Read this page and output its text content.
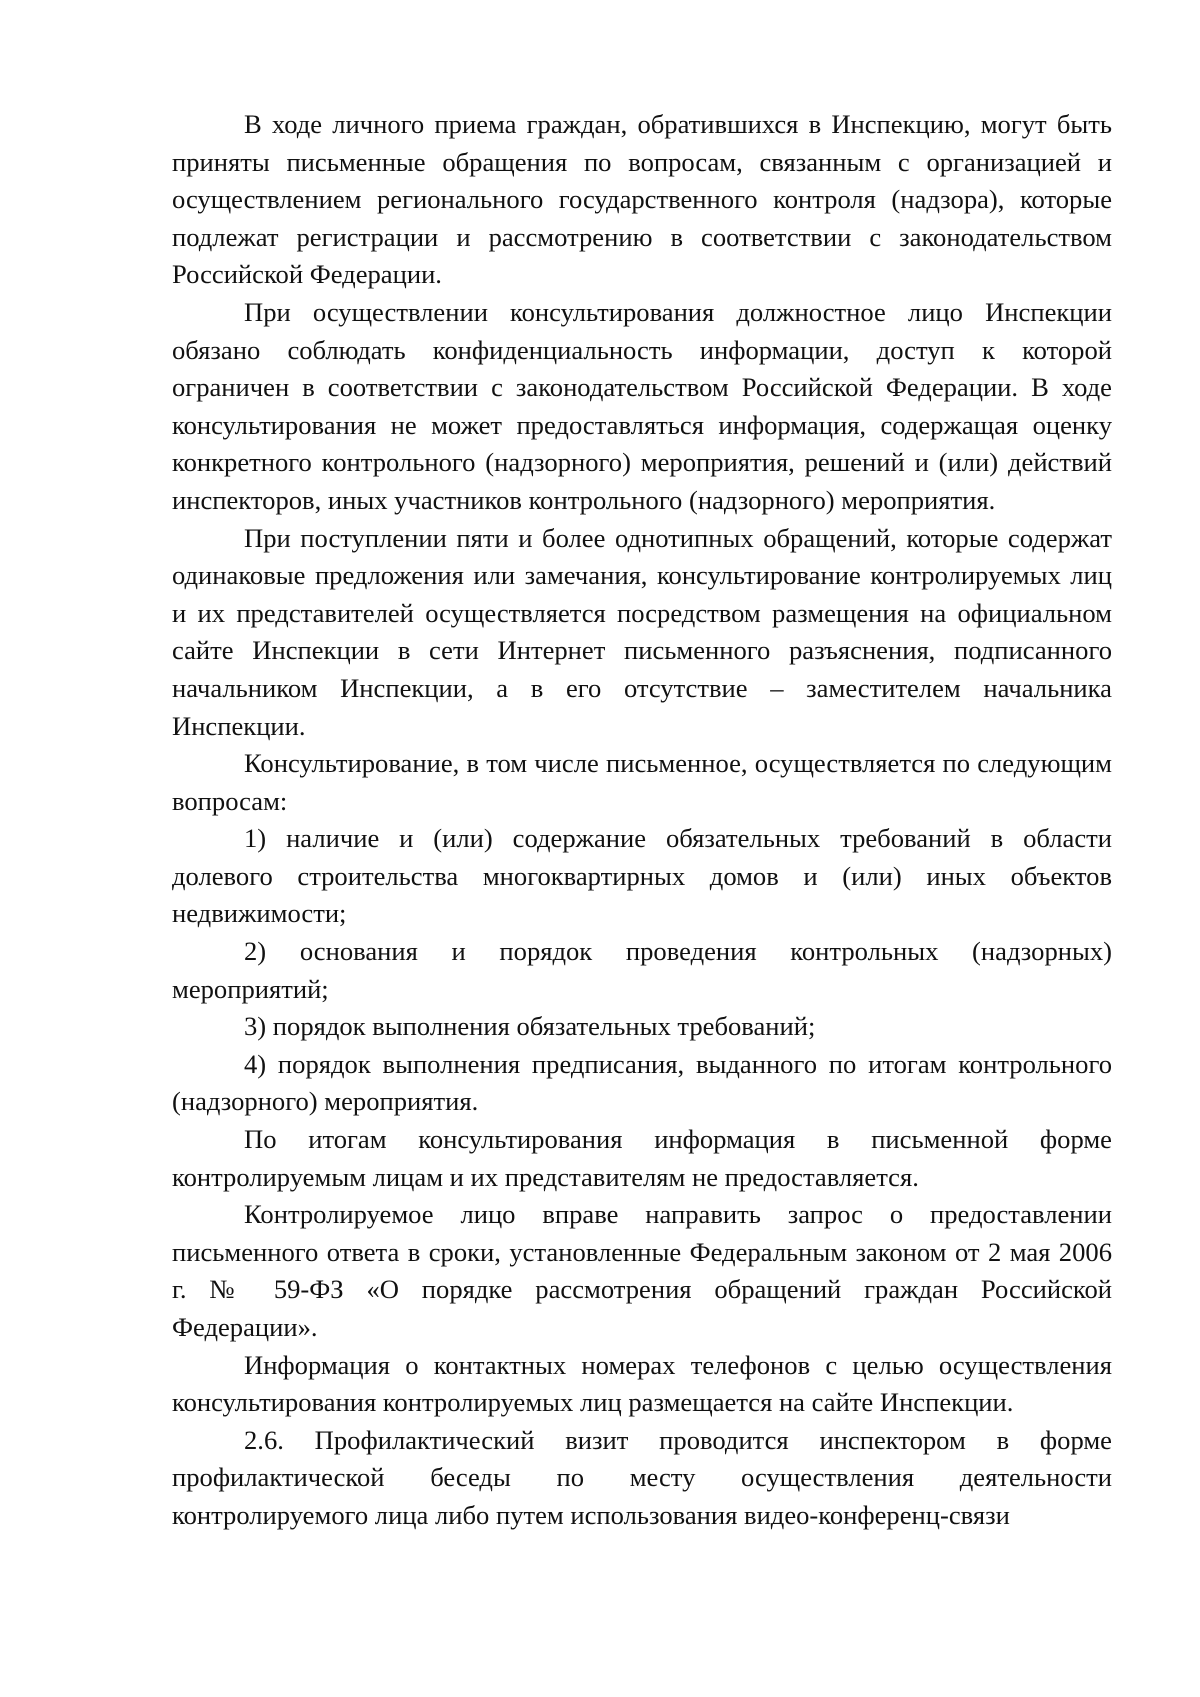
В ходе личного приема граждан, обратившихся в Инспекцию, могут быть приняты письменные обращения по вопросам, связанным с организацией и осуществлением регионального государственного контроля (надзора), которые подлежат регистрации и рассмотрению в соответствии с законодательством Российской Федерации.

При осуществлении консультирования должностное лицо Инспекции обязано соблюдать конфиденциальность информации, доступ к которой ограничен в соответствии с законодательством Российской Федерации. В ходе консультирования не может предоставляться информация, содержащая оценку конкретного контрольного (надзорного) мероприятия, решений и (или) действий инспекторов, иных участников контрольного (надзорного) мероприятия.

При поступлении пяти и более однотипных обращений, которые содержат одинаковые предложения или замечания, консультирование контролируемых лиц и их представителей осуществляется посредством размещения на официальном сайте Инспекции в сети Интернет письменного разъяснения, подписанного начальником Инспекции, а в его отсутствие – заместителем начальника Инспекции.

Консультирование, в том числе письменное, осуществляется по следующим вопросам:

1) наличие и (или) содержание обязательных требований в области долевого строительства многоквартирных домов и (или) иных объектов недвижимости;

2) основания и порядок проведения контрольных (надзорных) мероприятий;

3) порядок выполнения обязательных требований;

4) порядок выполнения предписания, выданного по итогам контрольного (надзорного) мероприятия.

По итогам консультирования информация в письменной форме контролируемым лицам и их представителям не предоставляется.

Контролируемое лицо вправе направить запрос о предоставлении письменного ответа в сроки, установленные Федеральным законом от 2 мая 2006 г. № 59-ФЗ «О порядке рассмотрения обращений граждан Российской Федерации».

Информация о контактных номерах телефонов с целью осуществления консультирования контролируемых лиц размещается на сайте Инспекции.

2.6. Профилактический визит проводится инспектором в форме профилактической беседы по месту осуществления деятельности контролируемого лица либо путем использования видео-конференц-связи
